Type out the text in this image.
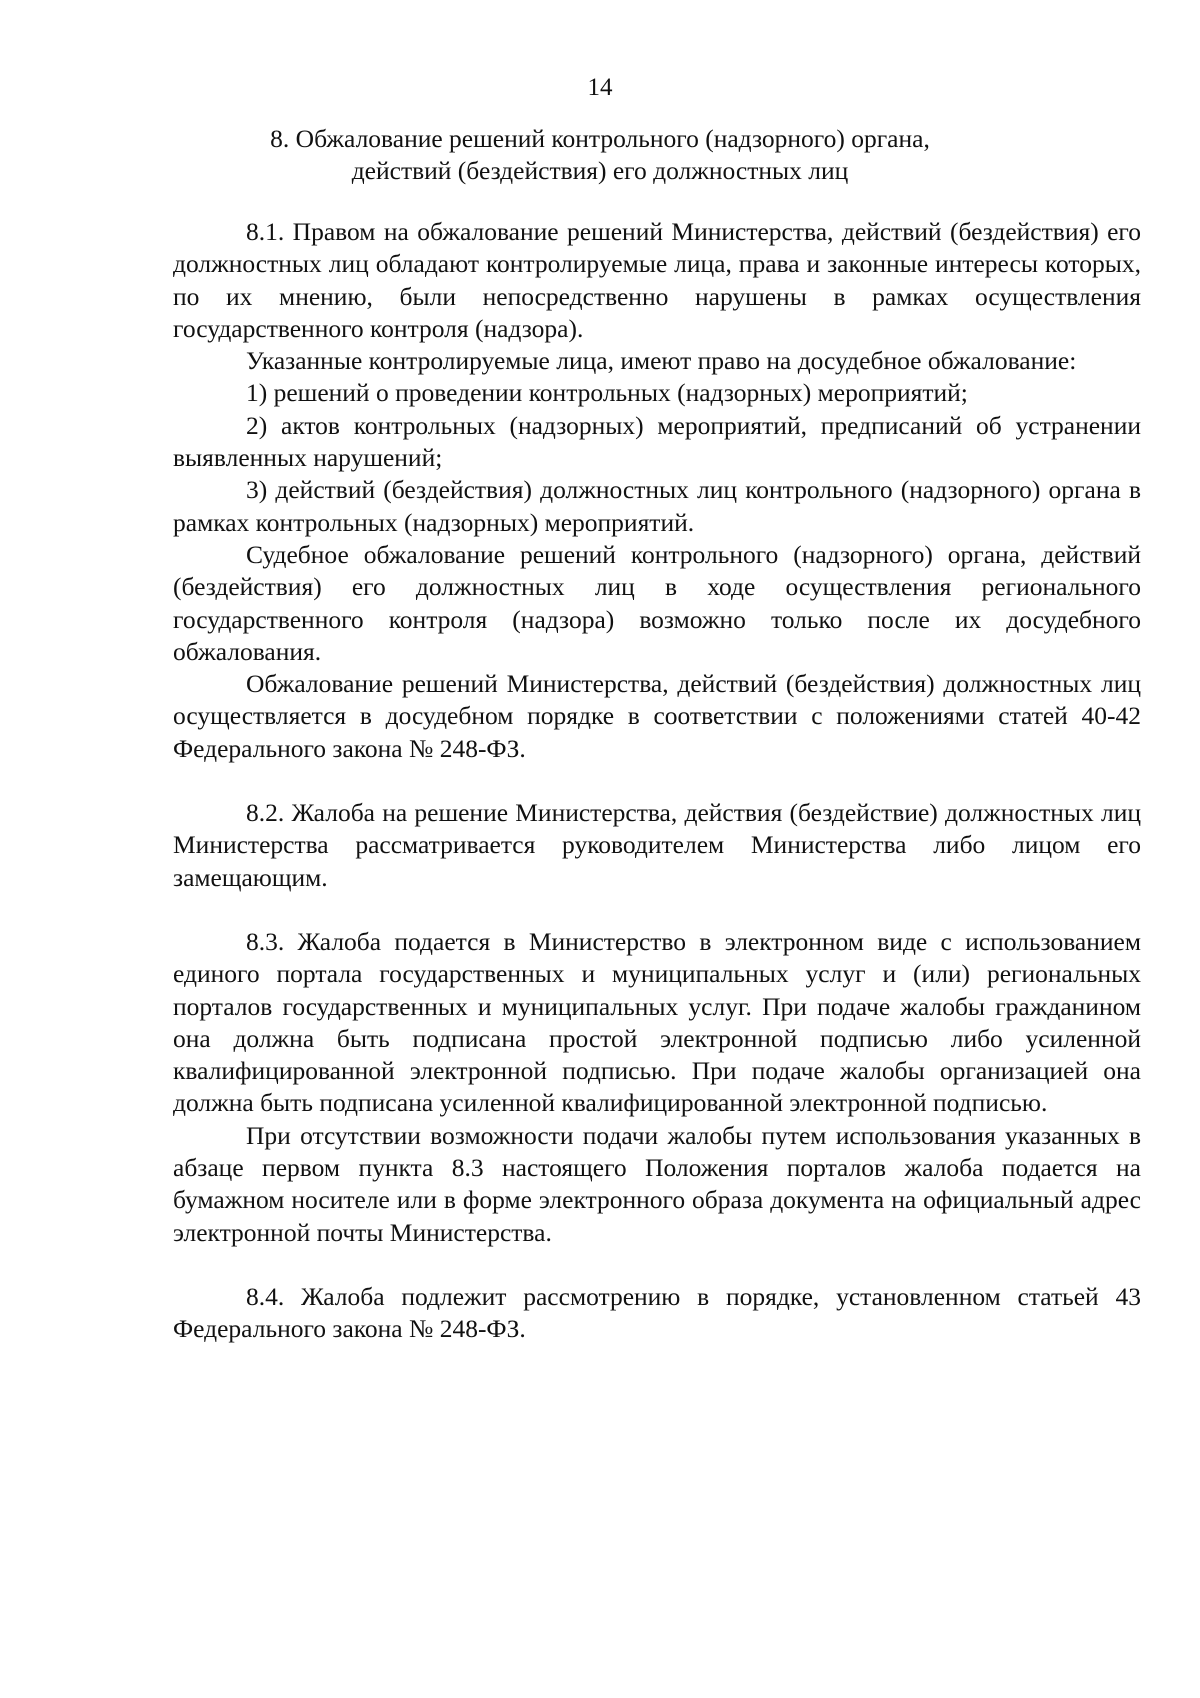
14
8. Обжалование решений контрольного (надзорного) органа,
действий (бездействия) его должностных лиц

8.1. Правом на обжалование решений Министерства, действий (бездействия) его должностных лиц обладают контролируемые лица, права и законные интересы которых, по их мнению, были непосредственно нарушены в рамках осуществления государственного контроля (надзора).

Указанные контролируемые лица, имеют право на досудебное обжалование:

1) решений о проведении контрольных (надзорных) мероприятий;

2) актов контрольных (надзорных) мероприятий, предписаний об устранении выявленных нарушений;

3) действий (бездействия) должностных лиц контрольного (надзорного) органа в рамках контрольных (надзорных) мероприятий.

Судебное обжалование решений контрольного (надзорного) органа, действий (бездействия) его должностных лиц в ходе осуществления регионального государственного контроля (надзора) возможно только после их досудебного обжалования.

Обжалование решений Министерства, действий (бездействия) должностных лиц осуществляется в досудебном порядке в соответствии с положениями статей 40-42 Федерального закона № 248-ФЗ.

8.2. Жалоба на решение Министерства, действия (бездействие) должностных лиц Министерства рассматривается руководителем Министерства либо лицом его замещающим.

8.3. Жалоба подается в Министерство в электронном виде с использованием единого портала государственных и муниципальных услуг и (или) региональных порталов государственных и муниципальных услуг. При подаче жалобы гражданином она должна быть подписана простой электронной подписью либо усиленной квалифицированной электронной подписью. При подаче жалобы организацией она должна быть подписана усиленной квалифицированной электронной подписью.

При отсутствии возможности подачи жалобы путем использования указанных в абзаце первом пункта 8.3 настоящего Положения порталов жалоба подается на бумажном носителе или в форме электронного образа документа на официальный адрес электронной почты Министерства.

8.4. Жалоба подлежит рассмотрению в порядке, установленном статьей 43 Федерального закона № 248-ФЗ.
